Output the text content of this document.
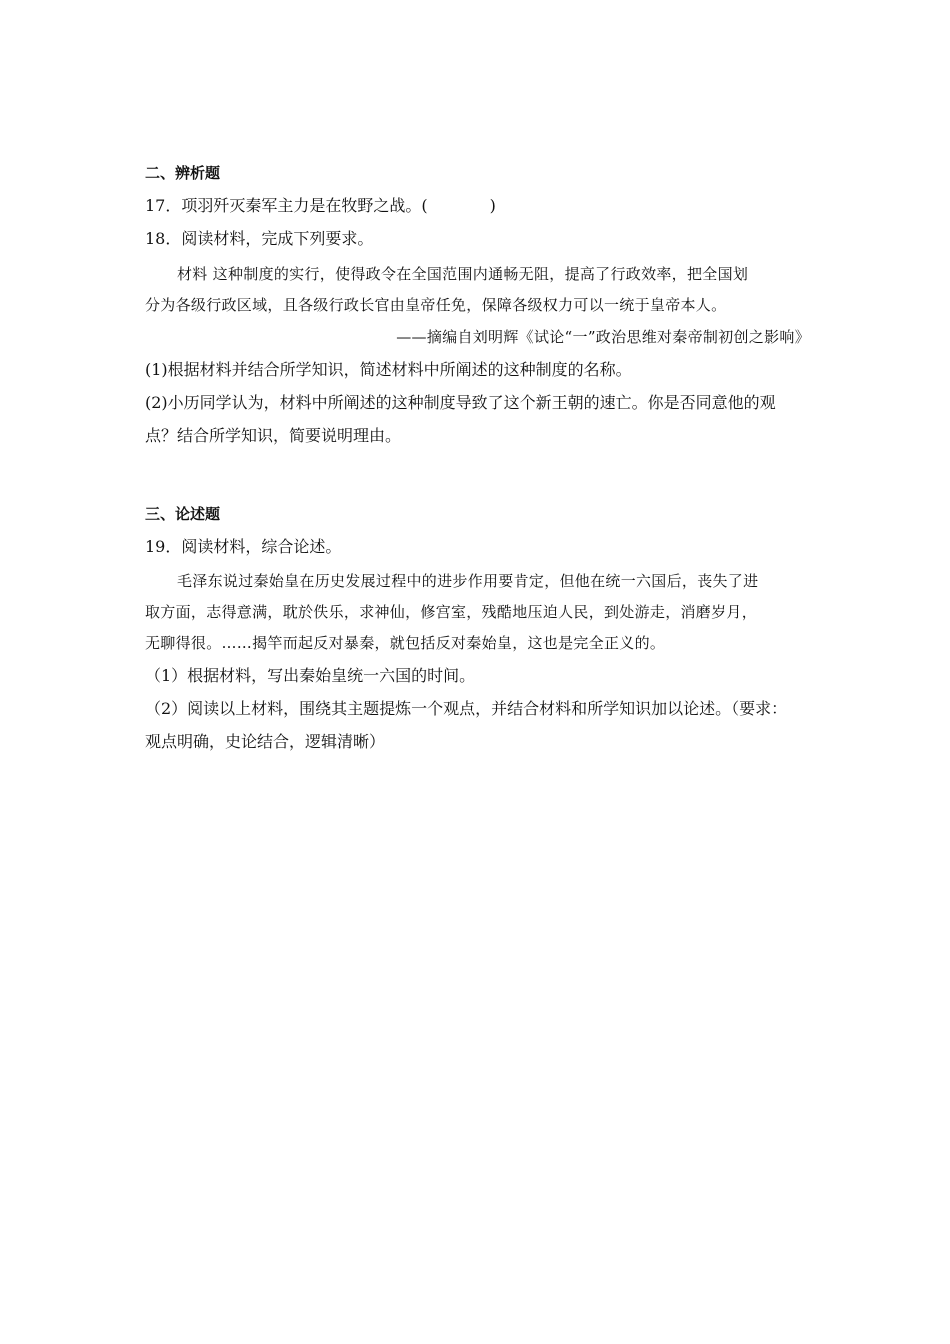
二、辨析题
17．项羽歼灭秦军主力是在牧野之战。(	)
18．阅读材料，完成下列要求。
材料 这种制度的实行，使得政令在全国范围内通畅无阻，提高了行政效率，把全国划
分为各级行政区域，且各级行政长官由皇帝任免，保障各级权力可以一统于皇帝本人。
——摘编自刘明辉《试论“一”政治思维对秦帝制初创之影响》
(1)根据材料并结合所学知识，简述材料中所阐述的这种制度的名称。
(2)小历同学认为，材料中所阐述的这种制度导致了这个新王朝的速亡。你是否同意他的观
点？结合所学知识，简要说明理由。
三、论述题
19．阅读材料，综合论述。
毛泽东说过秦始皇在历史发展过程中的进步作用要肯定，但他在统一六国后，丧失了进
取方面，志得意满，耽於佚乐，求神仙，修宫室，残酷地压迫人民，到处游走，消磨岁月，
无聊得很。……揭竿而起反对暴秦，就包括反对秦始皇，这也是完全正义的。
（1）根据材料，写出秦始皇统一六国的时间。
（2）阅读以上材料，围绕其主题提炼一个观点，并结合材料和所学知识加以论述。（要求：
观点明确，史论结合，逻辑清晰）
